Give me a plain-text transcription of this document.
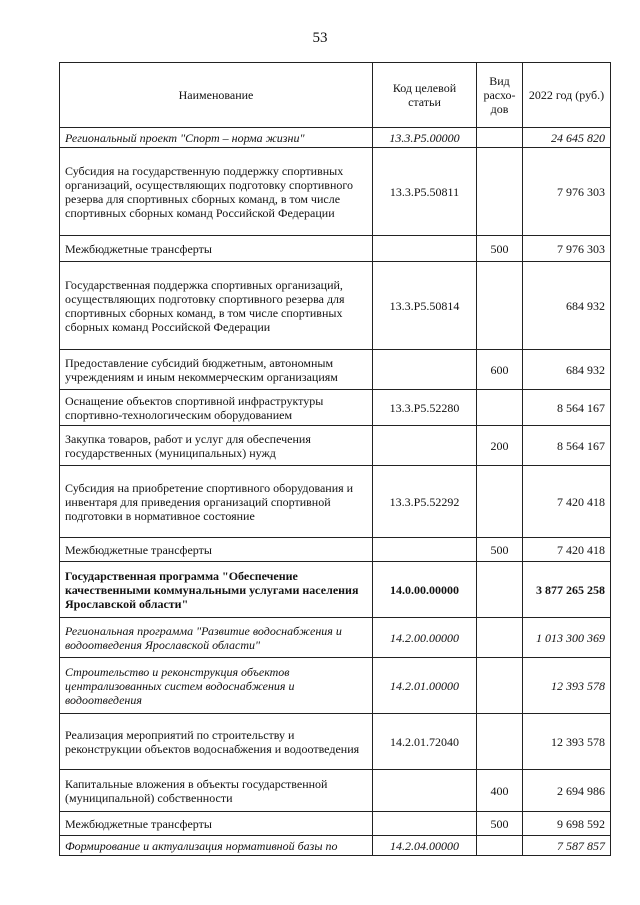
53
Наименование	Код целевой статьи	Вид расхо-дов	2022 год (руб.)
Региональный проект "Спорт – норма жизни"	13.3.Р5.00000		24 645 820
Субсидия на государственную поддержку спортивных организаций, осуществляющих подготовку спортивного резерва для спортивных сборных команд, в том числе спортивных сборных команд Российской Федерации	13.3.Р5.50811		7 976 303
Межбюджетные трансферты		500	7 976 303
Государственная поддержка спортивных организаций, осуществляющих подготовку спортивного резерва для спортивных сборных команд, в том числе спортивных сборных команд Российской Федерации	13.3.Р5.50814		684 932
Предоставление субсидий бюджетным, автономным учреждениям и иным некоммерческим организациям		600	684 932
Оснащение объектов спортивной инфраструктуры спортивно-технологическим оборудованием	13.3.Р5.52280		8 564 167
Закупка товаров, работ и услуг для обеспечения государственных (муниципальных) нужд		200	8 564 167
Субсидия на приобретение спортивного оборудования и инвентаря для приведения организаций спортивной подготовки в нормативное состояние	13.3.Р5.52292		7 420 418
Межбюджетные трансферты		500	7 420 418
Государственная программа "Обеспечение качественными коммунальными услугами населения Ярославской области"	14.0.00.00000		3 877 265 258
Региональная программа "Развитие водоснабжения и водоотведения Ярославской области"	14.2.00.00000		1 013 300 369
Строительство и реконструкция объектов централизованных систем водоснабжения и водоотведения	14.2.01.00000		12 393 578
Реализация мероприятий по строительству и реконструкции объектов водоснабжения и водоотведения	14.2.01.72040		12 393 578
Капитальные вложения в объекты государственной (муниципальной) собственности		400	2 694 986
Межбюджетные трансферты		500	9 698 592
Формирование и актуализация нормативной базы по	14.2.04.00000		7 587 857
